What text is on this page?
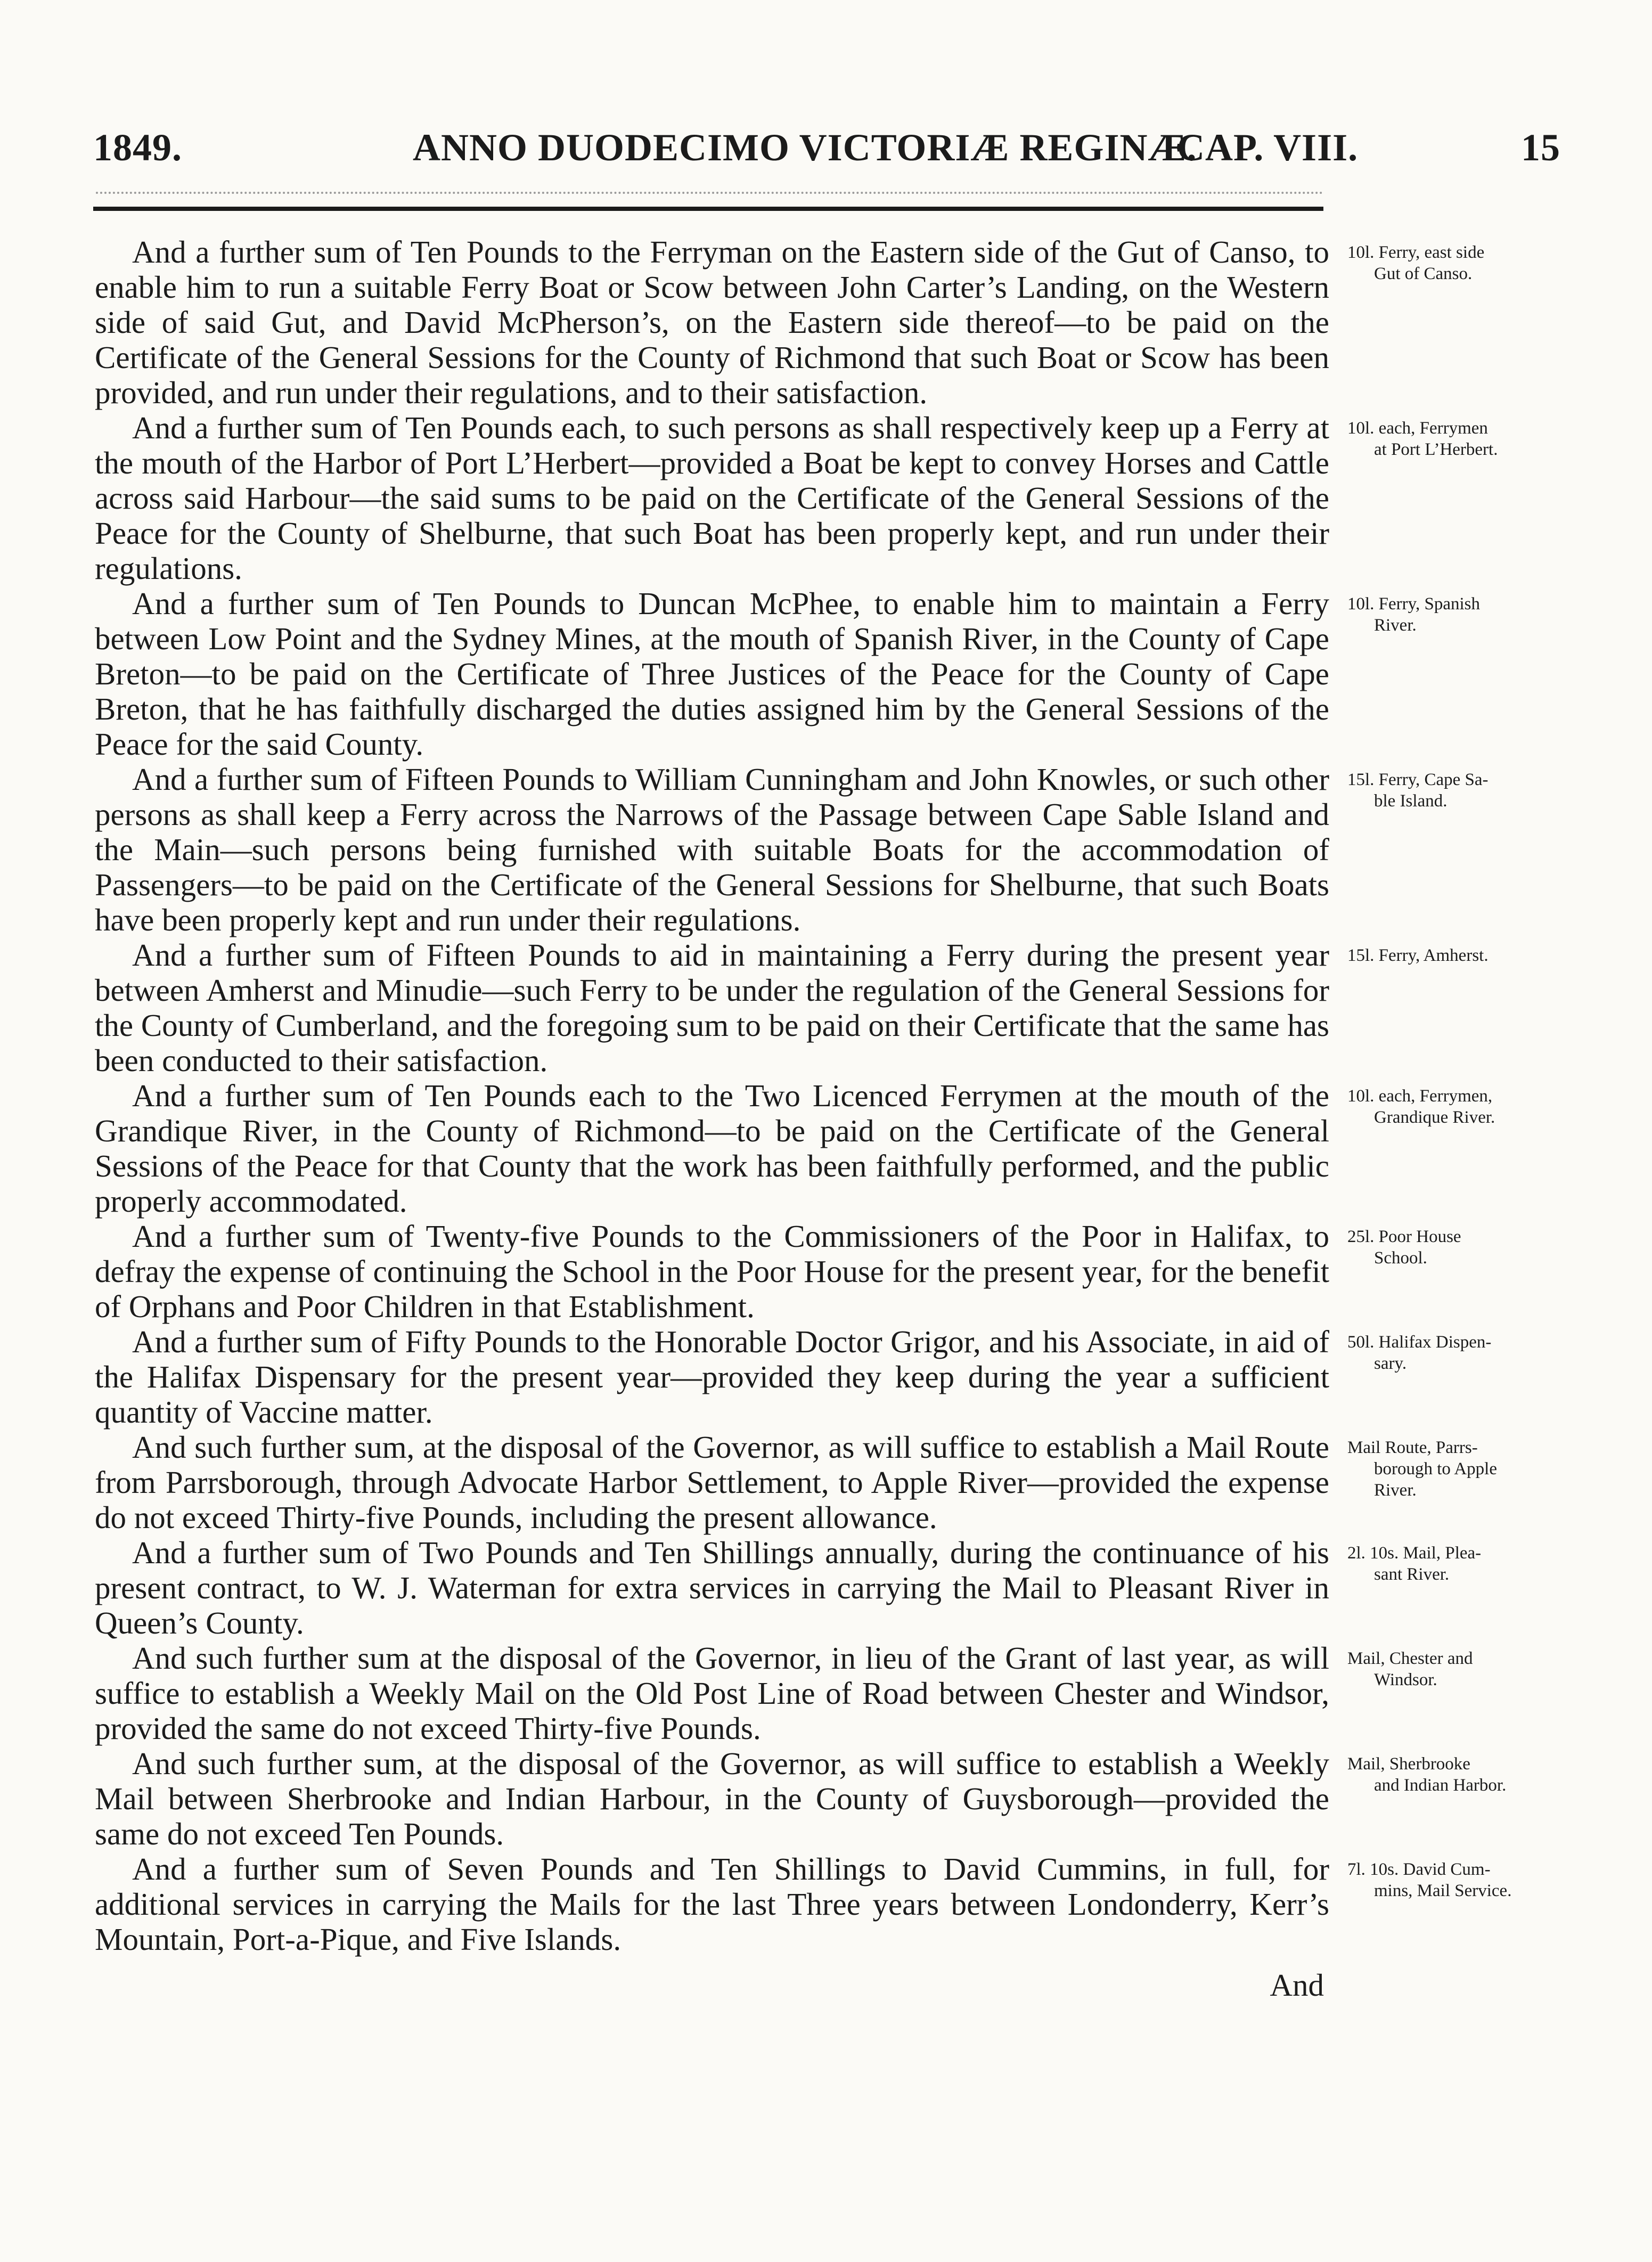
1849.	ANNO DUODECIMO VICTORIÆ REGINÆ.
CAP. VIII.	15

And a further sum of Ten Pounds to the Ferryman on the Eastern side of the Gut of Canso, to enable him to run a suitable Ferry Boat or Scow between John Carter’s Landing, on the Western side of said Gut, and David McPherson’s, on the Eastern side thereof—to be paid on the Certificate of the General Sessions for the County of Richmond that such Boat or Scow has been provided, and run under their regulations, and to their satisfaction.

And a further sum of Ten Pounds each, to such persons as shall respectively keep up a Ferry at the mouth of the Harbor of Port L’Herbert—provided a Boat be kept to convey Horses and Cattle across said Harbour—the said sums to be paid on the Certificate of the General Sessions of the Peace for the County of Shelburne, that such Boat has been properly kept, and run under their regulations.

And a further sum of Ten Pounds to Duncan McPhee, to enable him to maintain a Ferry between Low Point and the Sydney Mines, at the mouth of Spanish River, in the County of Cape Breton—to be paid on the Certificate of Three Justices of the Peace for the County of Cape Breton, that he has faithfully discharged the duties assigned him by the General Sessions of the Peace for the said County.

And a further sum of Fifteen Pounds to William Cunningham and John Knowles, or such other persons as shall keep a Ferry across the Narrows of the Passage between Cape Sable Island and the Main—such persons being furnished with suitable Boats for the accommodation of Passengers—to be paid on the Certificate of the General Sessions for Shelburne, that such Boats have been properly kept and run under their regulations.

And a further sum of Fifteen Pounds to aid in maintaining a Ferry during the present year between Amherst and Minudie—such Ferry to be under the regulation of the General Sessions for the County of Cumberland, and the foregoing sum to be paid on their Certificate that the same has been conducted to their satisfaction.

And a further sum of Ten Pounds each to the Two Licenced Ferrymen at the mouth of the Grandique River, in the County of Richmond—to be paid on the Certificate of the General Sessions of the Peace for that County that the work has been faithfully performed, and the public properly accommodated.

And a further sum of Twenty-five Pounds to the Commissioners of the Poor in Halifax, to defray the expense of continuing the School in the Poor House for the present year, for the benefit of Orphans and Poor Children in that Establishment.

And a further sum of Fifty Pounds to the Honorable Doctor Grigor, and his Associate, in aid of the Halifax Dispensary for the present year—provided they keep during the year a sufficient quantity of Vaccine matter.

And such further sum, at the disposal of the Governor, as will suffice to establish a Mail Route from Parrsborough, through Advocate Harbor Settlement, to Apple River—provided the expense do not exceed Thirty-five Pounds, including the present allowance.

And a further sum of Two Pounds and Ten Shillings annually, during the continuance of his present contract, to W. J. Waterman for extra services in carrying the Mail to Pleasant River in Queen’s County.

And such further sum at the disposal of the Governor, in lieu of the Grant of last year, as will suffice to establish a Weekly Mail on the Old Post Line of Road between Chester and Windsor, provided the same do not exceed Thirty-five Pounds.

And such further sum, at the disposal of the Governor, as will suffice to establish a Weekly Mail between Sherbrooke and Indian Harbour, in the County of Guysborough—provided the same do not exceed Ten Pounds.

And a further sum of Seven Pounds and Ten Shillings to David Cummins, in full, for additional services in carrying the Mails for the last Three years between Londonderry, Kerr’s Mountain, Port-a-Pique, and Five Islands.

And
10l. Ferry, east side
Gut of Canso.
10l. each, Ferrymen
at Port L’Herbert.
10l. Ferry, Spanish
River.
15l. Ferry, Cape Sa-
ble Island.
15l. Ferry, Amherst.
10l. each, Ferrymen,
Grandique River.
25l. Poor House
School.
50l. Halifax Dispen-
sary.
Mail Route, Parrs-
borough to Apple
River.
2l. 10s. Mail, Plea-
sant River.
Mail, Chester and
Windsor.
Mail, Sherbrooke
and Indian Harbor.
7l. 10s. David Cum-
mins, Mail Service.
